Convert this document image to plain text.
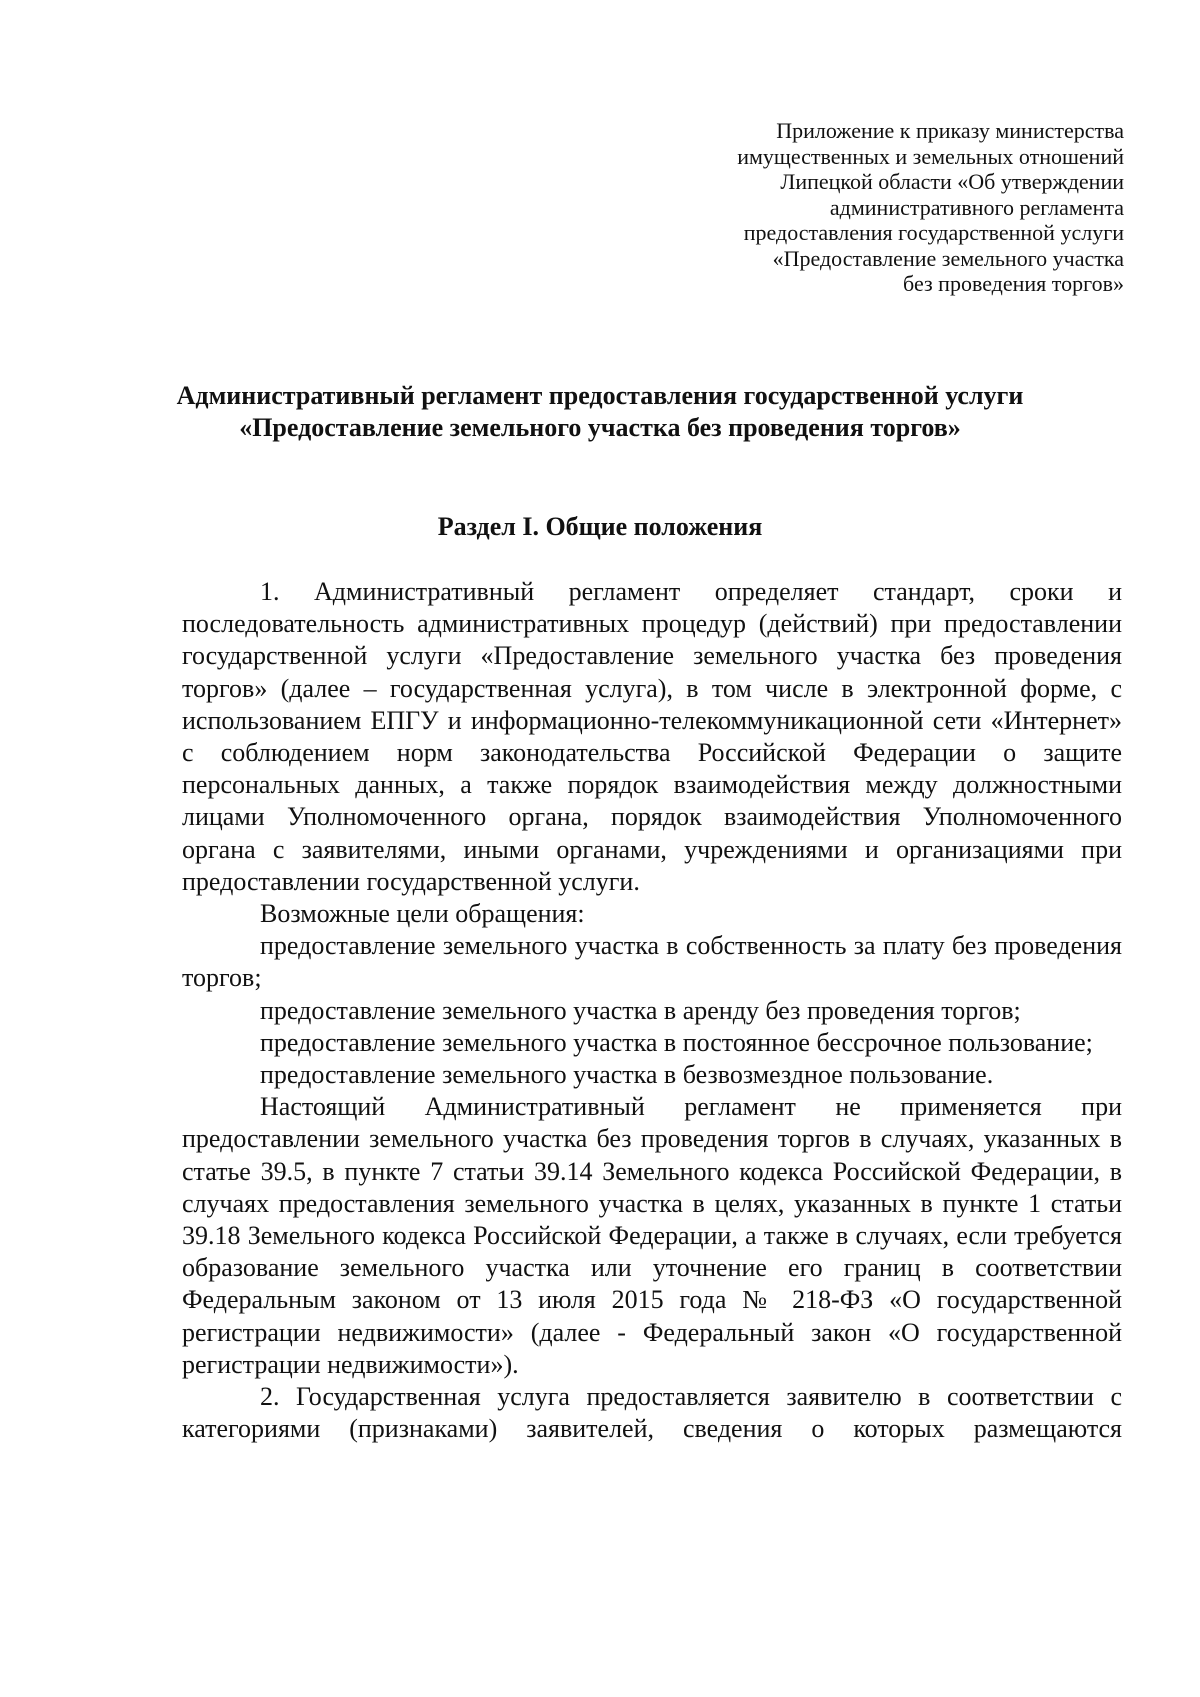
Приложение к приказу министерства
имущественных и земельных отношений
Липецкой области «Об утверждении
административного регламента
предоставления государственной услуги
«Предоставление земельного участка
без проведения торгов»
Административный регламент предоставления государственной услуги
«Предоставление земельного участка без проведения торгов»
Раздел I. Общие положения

1. Административный регламент определяет стандарт, сроки и последовательность административных процедур (действий) при предоставлении государственной услуги «Предоставление земельного участка без проведения торгов» (далее – государственная услуга), в том числе в электронной форме, с использованием ЕПГУ и информационно-телекоммуникационной сети «Интернет» с соблюдением норм законодательства Российской Федерации о защите персональных данных, а также порядок взаимодействия между должностными лицами Уполномоченного органа, порядок взаимодействия Уполномоченного органа с заявителями, иными органами, учреждениями и организациями при предоставлении государственной услуги.

Возможные цели обращения:

предоставление земельного участка в собственность за плату без проведения торгов;

предоставление земельного участка в аренду без проведения торгов;

предоставление земельного участка в постоянное бессрочное пользование;

предоставление земельного участка в безвозмездное пользование.

Настоящий Административный регламент не применяется при предоставлении земельного участка без проведения торгов в случаях, указанных в статье 39.5, в пункте 7 статьи 39.14 Земельного кодекса Российской Федерации, в случаях предоставления земельного участка в целях, указанных в пункте 1 статьи 39.18 Земельного кодекса Российской Федерации, а также в случаях, если требуется образование земельного участка или уточнение его границ в соответствии Федеральным законом от 13 июля 2015 года № 218-ФЗ «О государственной регистрации недвижимости» (далее - Федеральный закон «О государственной регистрации недвижимости»).

2. Государственная услуга предоставляется заявителю в соответствии с категориями (признаками) заявителей, сведения о которых размещаются
